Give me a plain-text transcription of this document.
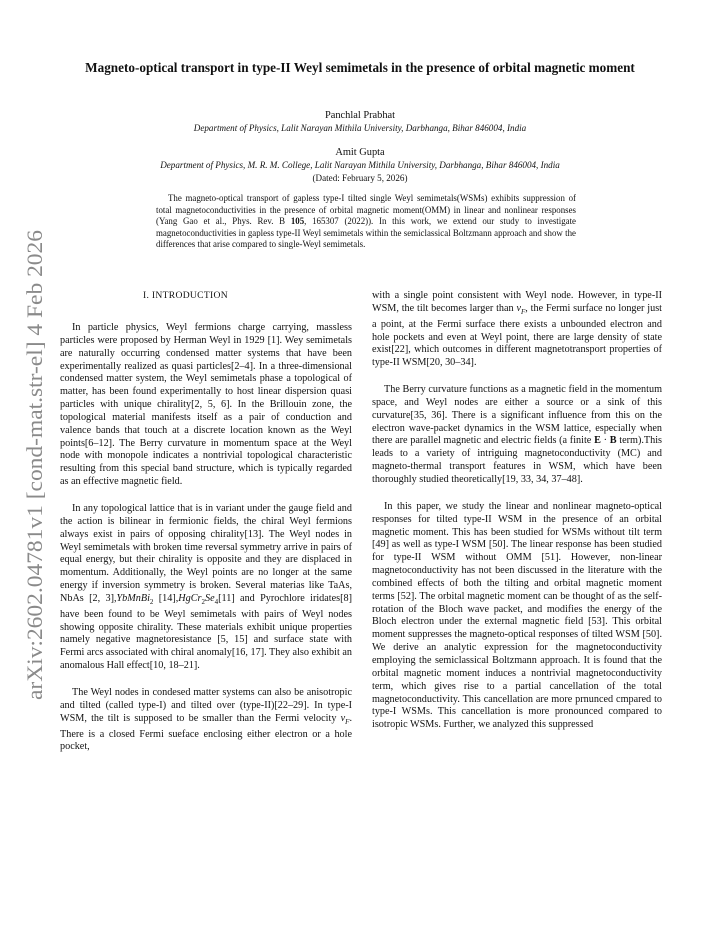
arXiv:2602.04781v1 [cond-mat.str-el] 4 Feb 2026
Magneto-optical transport in type-II Weyl semimetals in the presence of orbital magnetic moment
Panchlal Prabhat
Department of Physics, Lalit Narayan Mithila University, Darbhanga, Bihar 846004, India
Amit Gupta
Department of Physics, M. R. M. College, Lalit Narayan Mithila University, Darbhanga, Bihar 846004, India
(Dated: February 5, 2026)
The magneto-optical transport of gapless type-I tilted single Weyl semimetals(WSMs) exhibits suppression of total magnetoconductivities in the presence of orbital magnetic moment(OMM) in linear and nonlinear responses (Yang Gao et al., Phys. Rev. B 105, 165307 (2022)). In this work, we extend our study to investigate magnetoconductivities in gapless type-II Weyl semimetals within the semiclassical Boltzmann approach and show the differences that arise compared to single-Weyl semimetals.
I. INTRODUCTION

In particle physics, Weyl fermions charge carrying, massless particles were proposed by Herman Weyl in 1929 [1]. Wey semimetals are naturally occurring condensed matter systems that have been experimentally realized as quasi particles[2–4]. In a three-dimensional condensed matter system, the Weyl semimetals phase a topological of matter, has been found experimentally to host linear dispersion quasi particles with unique chirality[2, 5, 6]. In the Brillouin zone, the topological material manifests itself as a pair of conduction and valence bands that touch at a discrete location known as the Weyl points[6–12]. The Berry curvature in momentum space at the Weyl node with monopole indicates a nontrivial topological characteristic resulting from this special band structure, which is typically regarded as an effective magnetic field.

In any topological lattice that is in variant under the gauge field and the action is bilinear in fermionic fields, the chiral Weyl fermions always exist in pairs of opposing chirality[13]. The Weyl nodes in Weyl semimetals with broken time reversal symmetry arrive in pairs of equal energy, but their chirality is opposite and they are displaced in momentum. Additionally, the Weyl points are no longer at the same energy if inversion symmetry is broken. Several materias like TaAs, NbAs [2, 3],YbMnBi$_2$ $[14],HgCr_2Se_4[11]$ and Pyrochlore iridates[8] have been found to be Weyl semimetals with pairs of Weyl nodes showing opposite chirality. These materials exhibit unique properties namely negative magnetoresistance [5, 15] and surface state with Fermi arcs associated with chiral anomaly[16, 17]. They also exhibit an anomalous Hall effect[10, 18–21].

The Weyl nodes in condesed matter systems can also be anisotropic and tilted (called type-I) and tilted over (type-II)[22–29]. In type-I WSM, the tilt is supposed to be smaller than the Fermi velocity $v_F$. There is a closed Fermi sueface enclosing either electron or a hole pocket,

with a single point consistent with Weyl node. However, in type-II WSM, the tilt becomes larger than $v_F$, the Fermi surface no longer just a point, at the Fermi surface there exists a unbounded electron and hole pockets and even at Weyl point, there are large density of state exist[22], which outcomes in different magnetotransport properties of type-II WSM[20, 30–34].

The Berry curvature functions as a magnetic field in the momentum space, and Weyl nodes are either a source or a sink of this curvature[35, 36]. There is a significant influence from this on the electron wave-packet dynamics in the WSM lattice, especially when there are parallel magnetic and electric fields (a finite E · B term).This leads to a variety of intriguing magnetoconductivity (MC) and magneto-thermal transport features in WSM, which have been thoroughly studied theoretically[19, 33, 34, 37–48].

In this paper, we study the linear and nonlinear magneto-optical responses for tilted type-II WSM in the presence of an orbital magnetic moment. This has been studied for WSMs without tilt term [49] as well as type-I WSM [50]. The linear response has been studied for type-II WSM without OMM [51]. However, non-linear magnetoconductivity has not been discussed in the literature with the combined effects of both the tilting and orbital magnetic moment terms [52]. The orbital magnetic moment can be thought of as the self-rotation of the Bloch wave packet, and modifies the energy of the Bloch electron under the external magnetic field [53]. This orbital moment suppresses the magneto-optical responses of tilted WSM [50]. We derive an analytic expression for the magnetoconductivity employing the semiclassical Boltzmann approach. It is found that the orbital magnetic moment induces a nontrivial magnetoconductivity term, which gives rise to a partial cancellation of the total magnetoconductivity. This cancellation are more prnunced cmpared to type-I WSMs. This cancellation is more pronounced compared to isotropic WSMs. Further, we analyzed this suppressed
